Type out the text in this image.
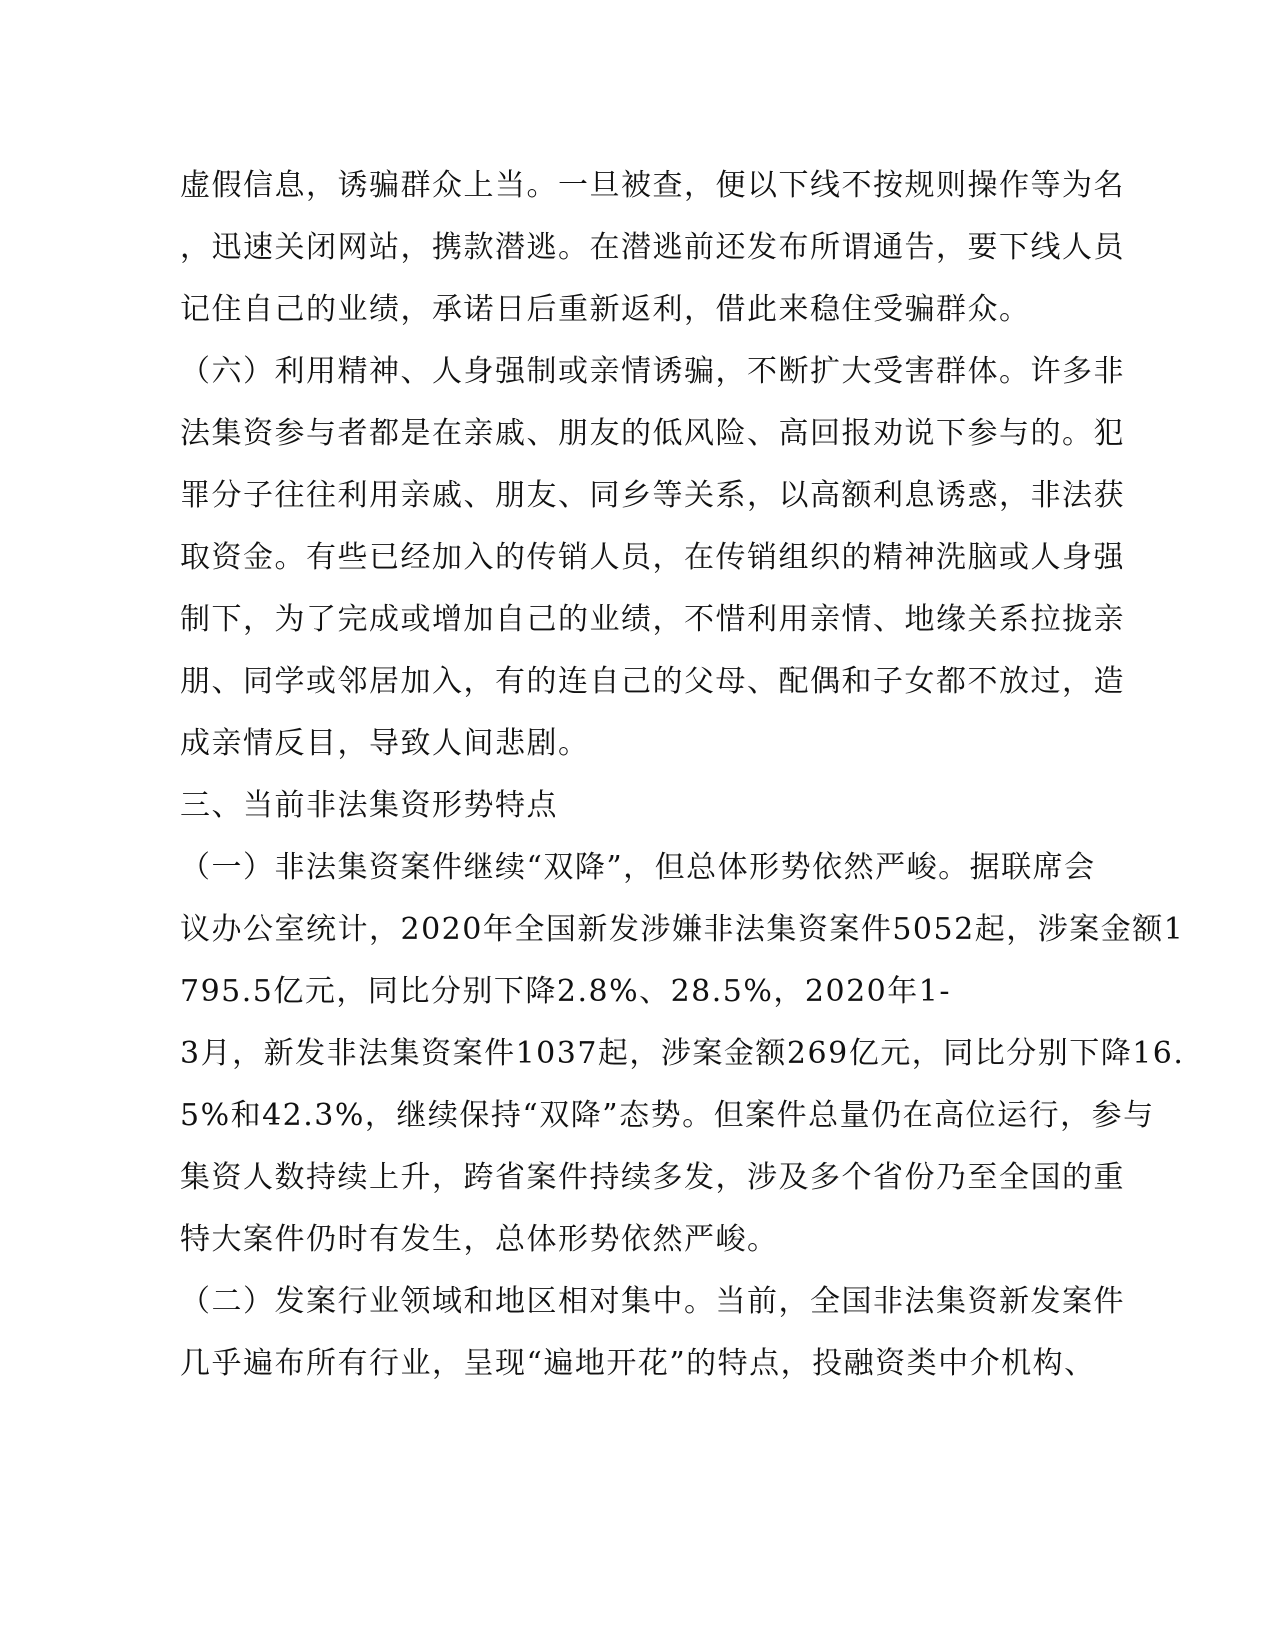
虚假信息，诱骗群众上当。一旦被查，便以下线不按规则操作等为名
，迅速关闭网站，携款潜逃。在潜逃前还发布所谓通告，要下线人员
记住自己的业绩，承诺日后重新返利，借此来稳住受骗群众。
（六）利用精神、人身强制或亲情诱骗，不断扩大受害群体。许多非
法集资参与者都是在亲戚、朋友的低风险、高回报劝说下参与的。犯
罪分子往往利用亲戚、朋友、同乡等关系，以高额利息诱惑，非法获
取资金。有些已经加入的传销人员，在传销组织的精神洗脑或人身强
制下，为了完成或增加自己的业绩，不惜利用亲情、地缘关系拉拢亲
朋、同学或邻居加入，有的连自己的父母、配偶和子女都不放过，造
成亲情反目，导致人间悲剧。
三、当前非法集资形势特点
（一）非法集资案件继续“双降”，但总体形势依然严峻。据联席会
议办公室统计，2020年全国新发涉嫌非法集资案件5052起，涉案金额1
795.5亿元，同比分别下降2.8%、28.5%，2020年1-
3月，新发非法集资案件1037起，涉案金额269亿元，同比分别下降16.
5%和42.3%，继续保持“双降”态势。但案件总量仍在高位运行，参与
集资人数持续上升，跨省案件持续多发，涉及多个省份乃至全国的重
特大案件仍时有发生，总体形势依然严峻。
（二）发案行业领域和地区相对集中。当前，全国非法集资新发案件
几乎遍布所有行业，呈现“遍地开花”的特点，投融资类中介机构、
